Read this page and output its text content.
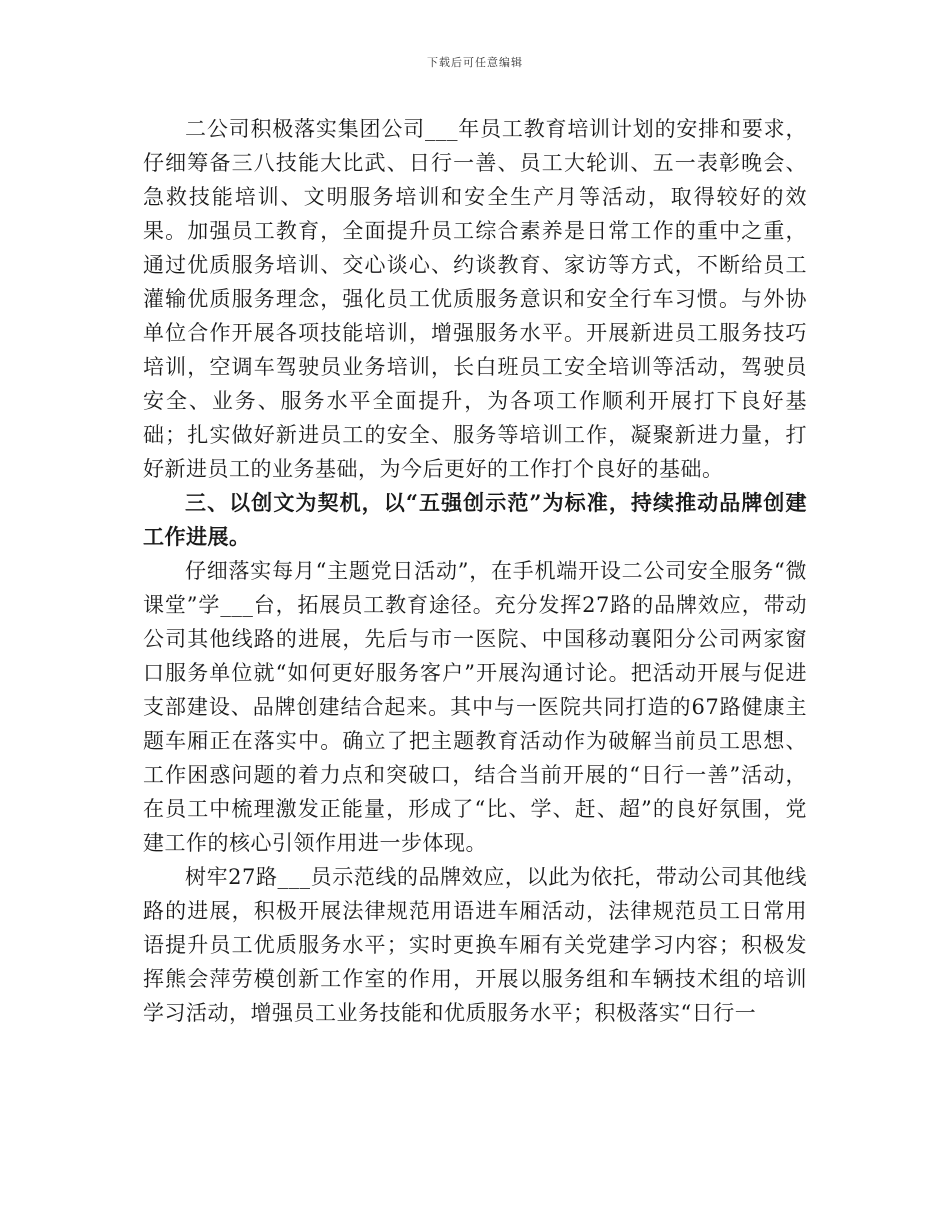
下载后可任意编辑

二公司积极落实集团公司___年员工教育培训计划的安排和要求，仔细筹备三八技能大比武、日行一善、员工大轮训、五一表彰晚会、急救技能培训、文明服务培训和安全生产月等活动，取得较好的效果。加强员工教育，全面提升员工综合素养是日常工作的重中之重，通过优质服务培训、交心谈心、约谈教育、家访等方式，不断给员工灌输优质服务理念，强化员工优质服务意识和安全行车习惯。与外协单位合作开展各项技能培训，增强服务水平。开展新进员工服务技巧培训，空调车驾驶员业务培训，长白班员工安全培训等活动，驾驶员安全、业务、服务水平全面提升，为各项工作顺利开展打下良好基础；扎实做好新进员工的安全、服务等培训工作，凝聚新进力量，打好新进员工的业务基础，为今后更好的工作打个良好的基础。

三、以创文为契机，以“五强创示范”为标准，持续推动品牌创建工作进展。

仔细落实每月“主题党日活动”，在手机端开设二公司安全服务“微课堂”学___台，拓展员工教育途径。充分发挥27路的品牌效应，带动公司其他线路的进展，先后与市一医院、中国移动襄阳分公司两家窗口服务单位就“如何更好服务客户”开展沟通讨论。把活动开展与促进支部建设、品牌创建结合起来。其中与一医院共同打造的67路健康主题车厢正在落实中。确立了把主题教育活动作为破解当前员工思想、工作困惑问题的着力点和突破口，结合当前开展的“日行一善”活动，在员工中梳理激发正能量，形成了“比、学、赶、超”的良好氛围，党建工作的核心引领作用进一步体现。

树牢27路___员示范线的品牌效应，以此为依托，带动公司其他线路的进展，积极开展法律规范用语进车厢活动，法律规范员工日常用语提升员工优质服务水平；实时更换车厢有关党建学习内容；积极发挥熊会萍劳模创新工作室的作用，开展以服务组和车辆技术组的培训学习活动，增强员工业务技能和优质服务水平；积极落实“日行一
